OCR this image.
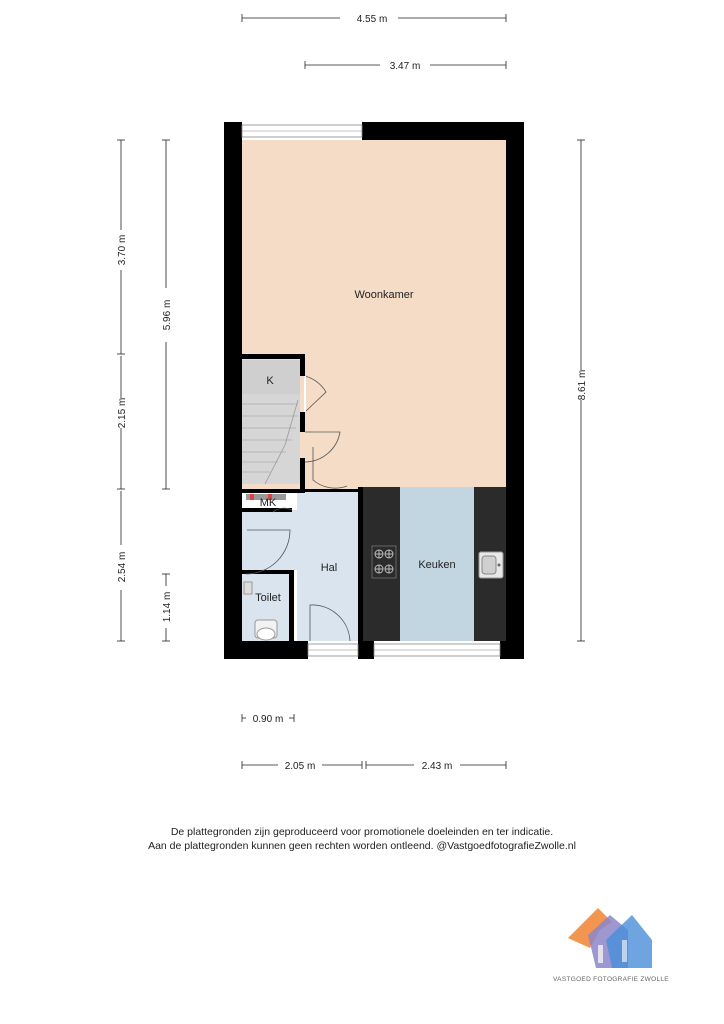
Woonkamer
K
MK
Hal	Keuken
Toilet
4.55 m
3.47 m
3.70 m
2.15 m
2.54 m
5.96 m
1.14 m
8.61 m
0.90 m
2.05 m	2.43 m
VASTGOED FOTOGRAFIE ZWOLLE
De plattegronden zijn geproduceerd voor promotionele doeleinden en ter indicatie.
Aan de plattegronden kunnen geen rechten worden ontleend. @VastgoedfotografieZwolle.nl
